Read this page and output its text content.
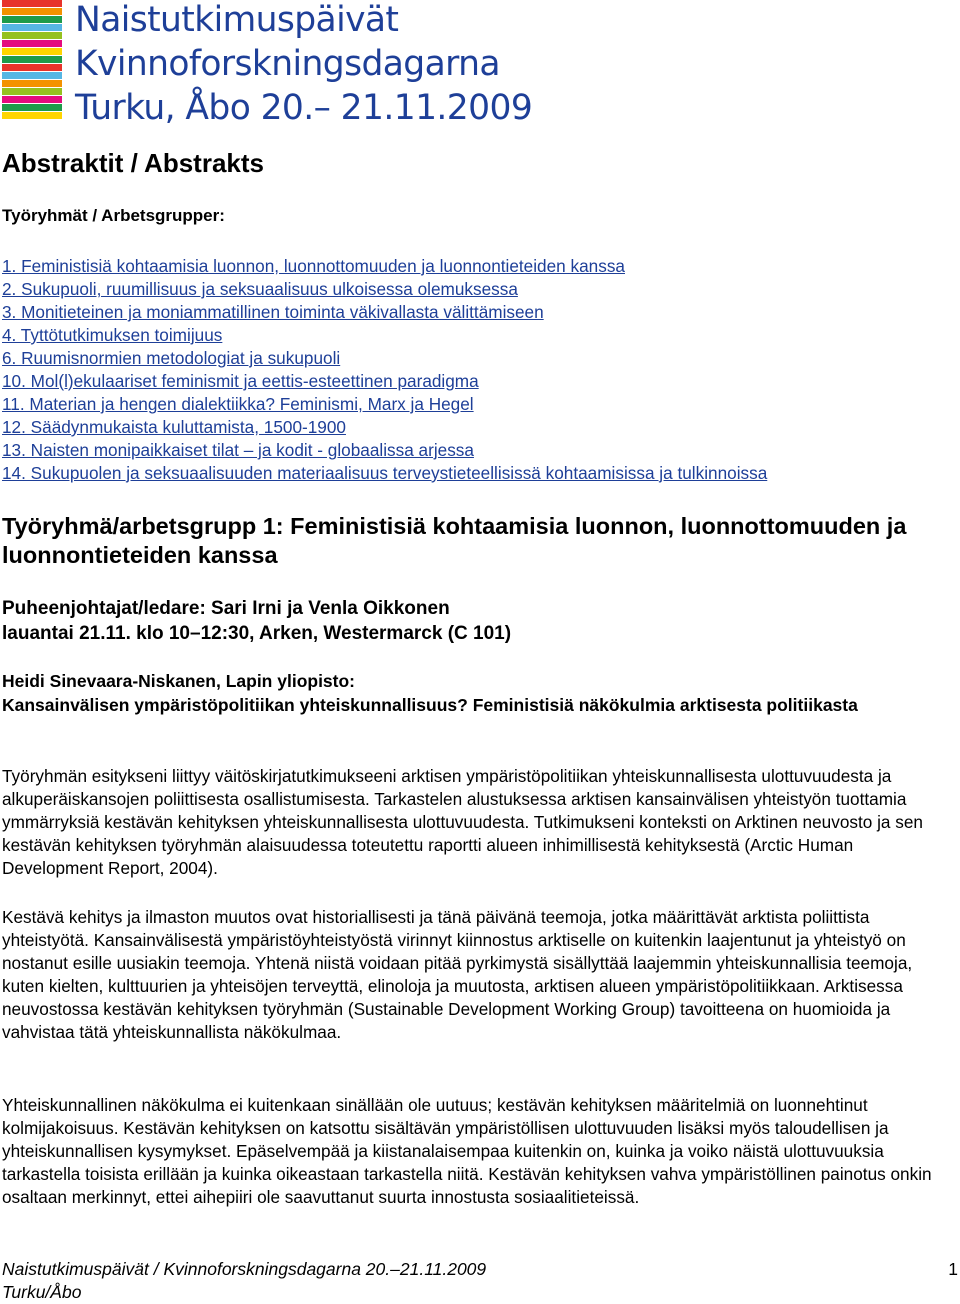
Naistutkimuspäivät
Kvinnoforskningsdagarna
Turku, Åbo 20.– 21.11.2009
Abstraktit / Abstrakts
Työryhmät / Arbetsgrupper:
1. Feministisiä kohtaamisia luonnon, luonnottomuuden ja luonnontieteiden kanssa
2. Sukupuoli, ruumillisuus ja seksuaalisuus ulkoisessa olemuksessa
3. Monitieteinen ja moniammatillinen toiminta väkivallasta välittämiseen
4. Tyttötutkimuksen toimijuus
6. Ruumisnormien metodologiat ja sukupuoli
10. Mol(l)ekulaariset feminismit ja eettis-esteettinen paradigma
11. Materian ja hengen dialektiikka? Feminismi, Marx ja Hegel
12. Säädynmukaista kuluttamista, 1500-1900
13. Naisten monipaikkaiset tilat – ja kodit - globaalissa arjessa
14. Sukupuolen ja seksuaalisuuden materiaalisuus terveystieteellisissä kohtaamisissa ja tulkinnoissa
Työryhmä/arbetsgrupp 1: Feministisiä kohtaamisia luonnon, luonnottomuuden ja luonnontieteiden kanssa
Puheenjohtajat/ledare: Sari Irni ja Venla Oikkonen
lauantai 21.11. klo 10–12:30, Arken, Westermarck (C 101)
Heidi Sinevaara-Niskanen, Lapin yliopisto:
Kansainvälisen ympäristöpolitiikan yhteiskunnallisuus? Feministisiä näkökulmia arktisesta politiikasta

Työryhmän esitykseni liittyy väitöskirjatutkimukseeni arktisen ympäristöpolitiikan yhteiskunnallisesta ulottuvuudesta ja alkuperäiskansojen poliittisesta osallistumisesta. Tarkastelen alustuksessa arktisen kansainvälisen yhteistyön tuottamia ymmärryksiä kestävän kehityksen yhteiskunnallisesta ulottuvuudesta. Tutkimukseni konteksti on Arktinen neuvosto ja sen kestävän kehityksen työryhmän alaisuudessa toteutettu raportti alueen inhimillisestä kehityksestä (Arctic Human Development Report, 2004).

Kestävä kehitys ja ilmaston muutos ovat historiallisesti ja tänä päivänä teemoja, jotka määrittävät arktista poliittista yhteistyötä. Kansainvälisestä ympäristöyhteistyöstä virinnyt kiinnostus arktiselle on kuitenkin laajentunut ja yhteistyö on nostanut esille uusiakin teemoja. Yhtenä niistä voidaan pitää pyrkimystä sisällyttää laajemmin yhteiskunnallisia teemoja, kuten kielten, kulttuurien ja yhteisöjen terveyttä, elinoloja ja muutosta, arktisen alueen ympäristöpolitiikkaan. Arktisessa neuvostossa kestävän kehityksen työryhmän (Sustainable Development Working Group) tavoitteena on huomioida ja vahvistaa tätä yhteiskunnallista näkökulmaa.

Yhteiskunnallinen näkökulma ei kuitenkaan sinällään ole uutuus; kestävän kehityksen määritelmiä on luonnehtinut kolmijakoisuus. Kestävän kehityksen on katsottu sisältävän ympäristöllisen ulottuvuuden lisäksi myös taloudellisen ja yhteiskunnallisen kysymykset. Epäselvempää ja kiistanalaisempaa kuitenkin on, kuinka ja voiko näistä ulottuvuuksia tarkastella toisista erillään ja kuinka oikeastaan tarkastella niitä. Kestävän kehityksen vahva ympäristöllinen painotus onkin osaltaan merkinnyt, ettei aihepiiri ole saavuttanut suurta innostusta sosiaalitieteissä.

Naistutkimuspäivät / Kvinnoforskningsdagarna 20.–21.11.2009
Turku/Åbo
1
